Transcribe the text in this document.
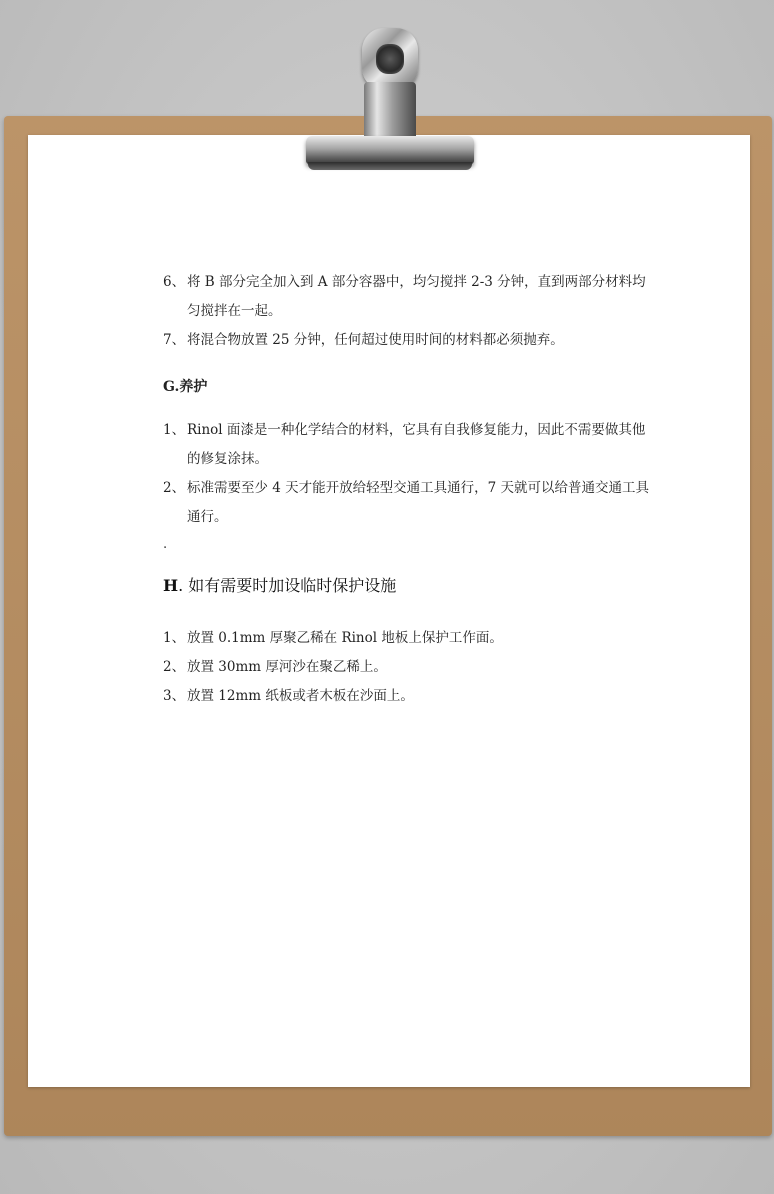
6、 将 B 部分完全加入到 A 部分容器中，均匀搅拌 2-3 分钟，直到两部分材料均匀搅拌在一起。

7、 将混合物放置 25 分钟，任何超过使用时间的材料都必须抛弃。

G.养护

1、 Rinol 面漆是一种化学结合的材料，它具有自我修复能力，因此不需要做其他的修复涂抹。

2、 标准需要至少 4 天才能开放给轻型交通工具通行，7 天就可以给普通交通工具通行。

.

H. 如有需要时加设临时保护设施

1、 放置 0.1mm 厚聚乙稀在 Rinol 地板上保护工作面。

2、 放置 30mm 厚河沙在聚乙稀上。

3、 放置 12mm 纸板或者木板在沙面上。
